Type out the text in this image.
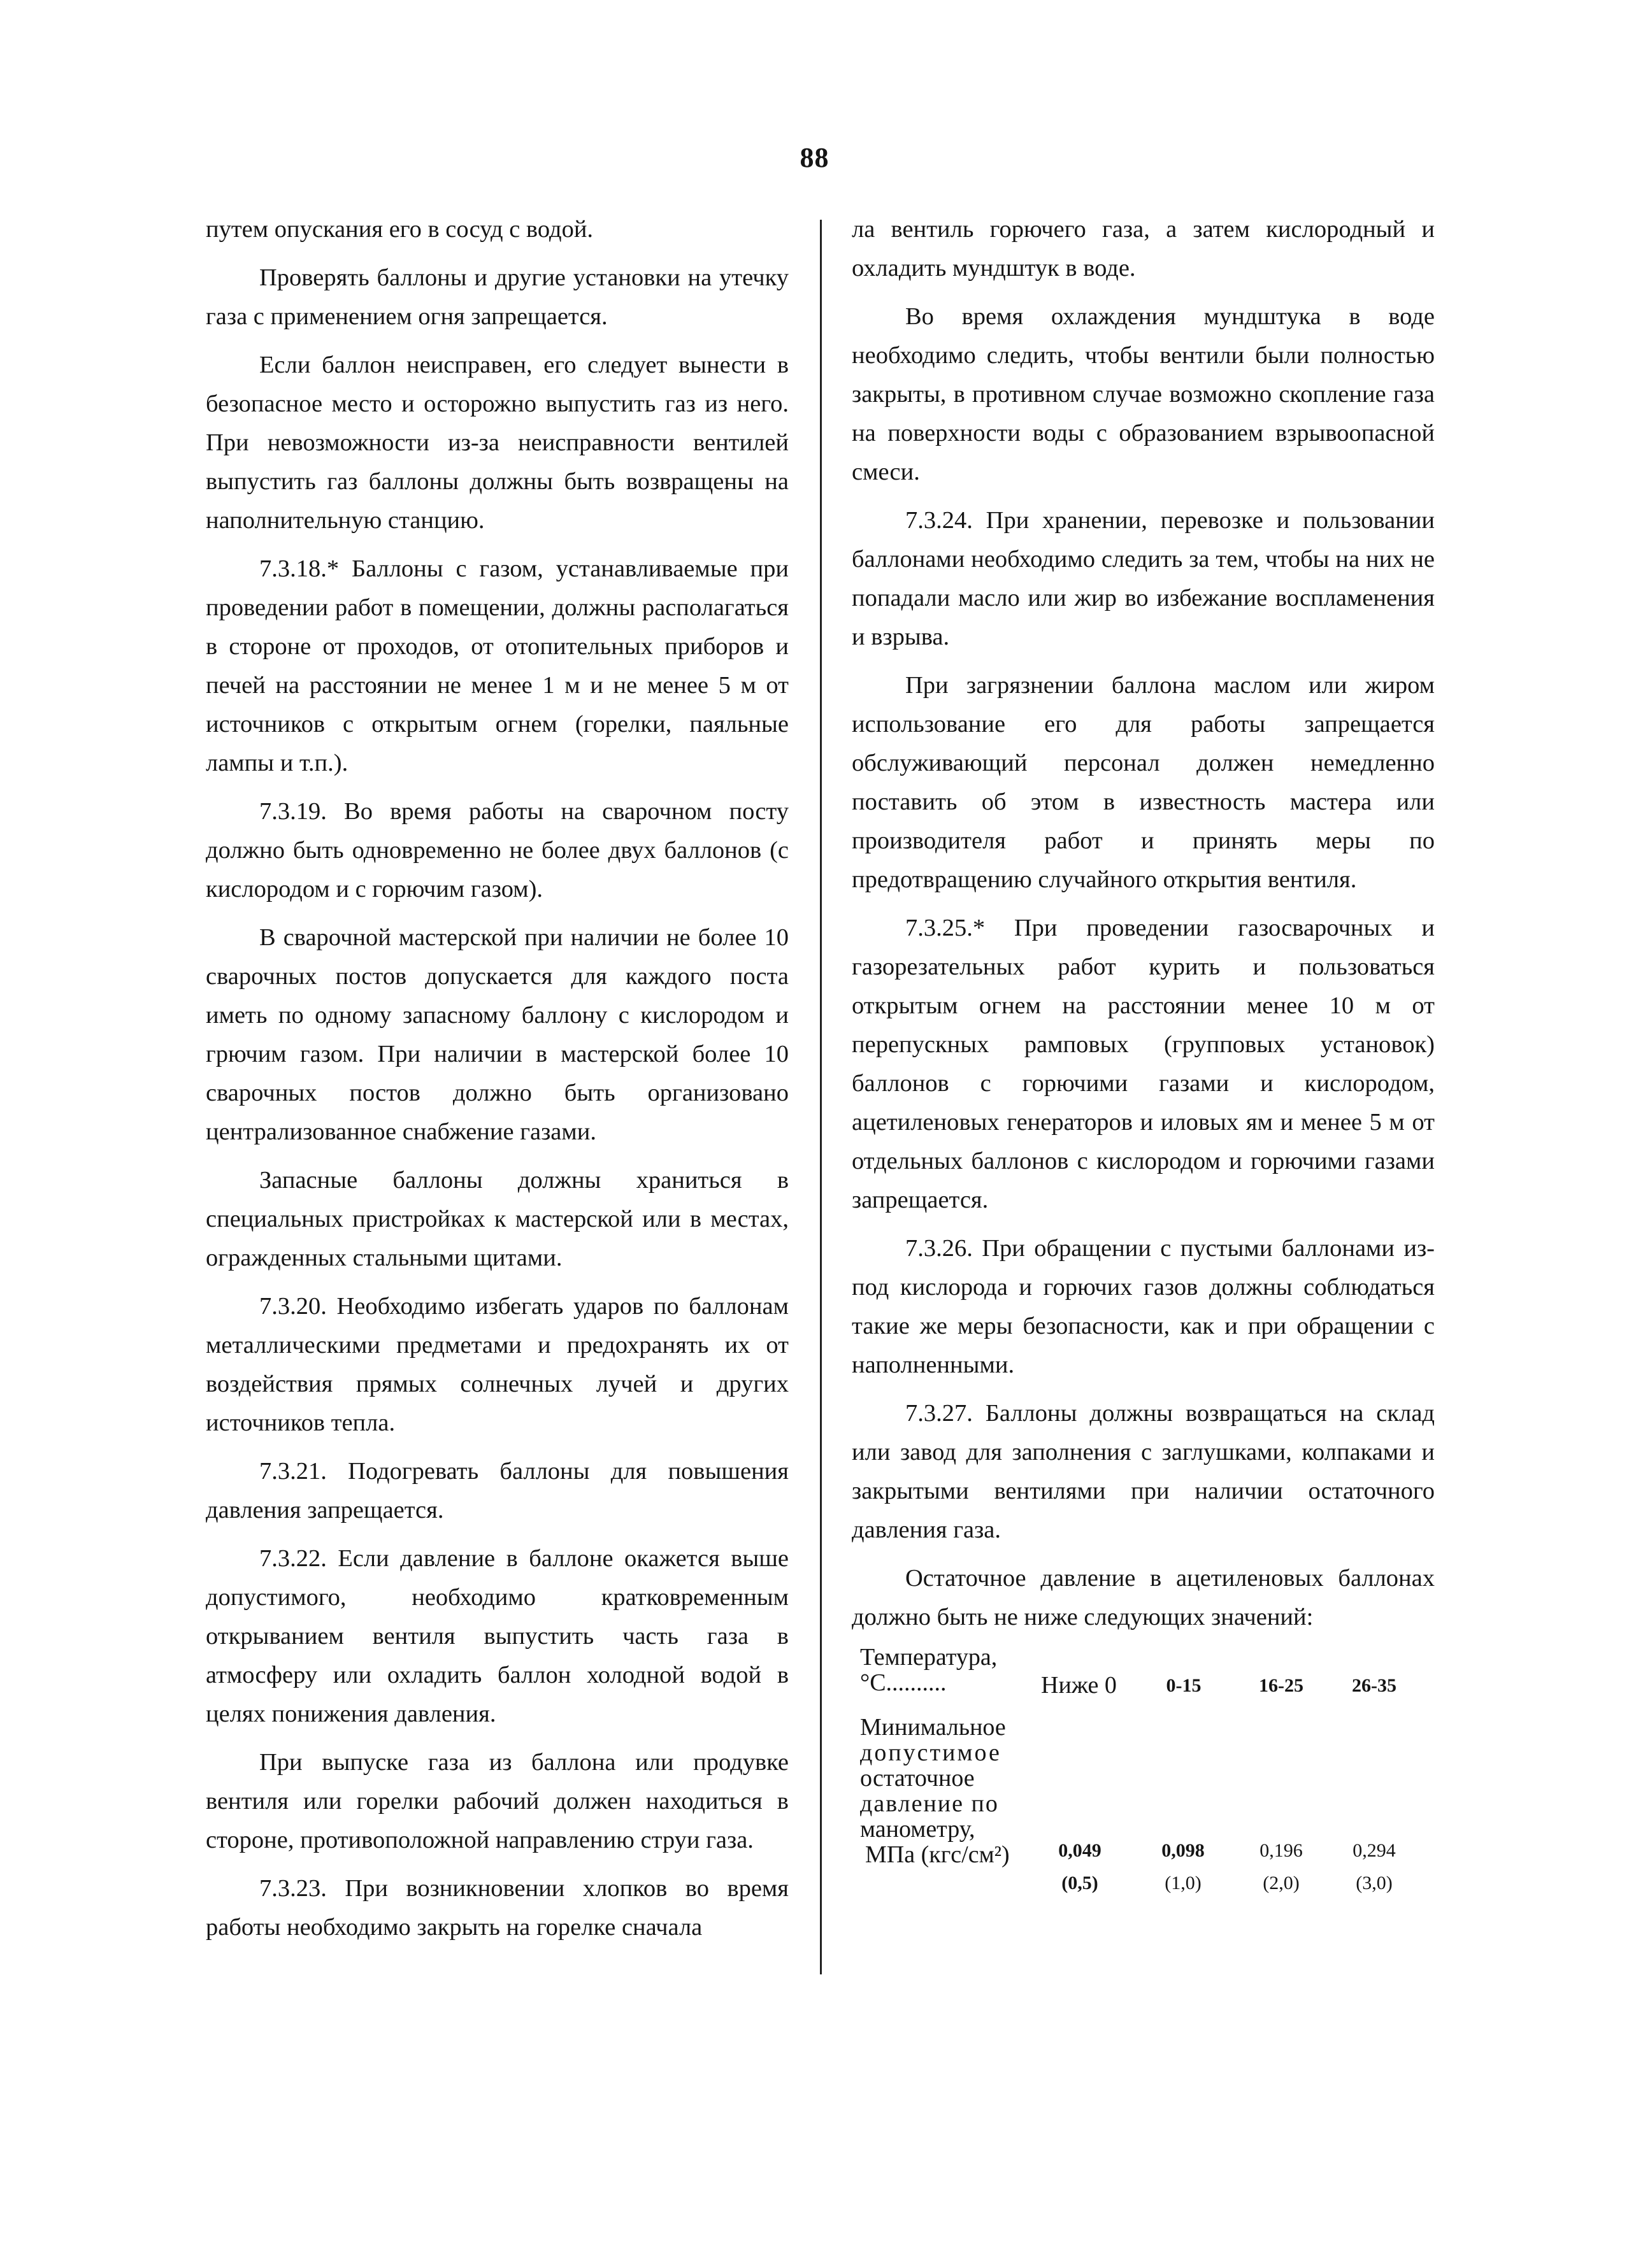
88

путем опускания его в сосуд с водой.

Проверять баллоны и другие установки на утечку газа с применением огня запрещается.

Если баллон неисправен, его следует вынести в безопасное место и осторожно выпустить газ из него. При невозможности из-за неисправности вентилей выпустить газ баллоны должны быть возвращены на наполнительную станцию.

7.3.18.* Баллоны с газом, устанавливаемые при проведении работ в помещении, должны располагаться в стороне от проходов, от отопительных приборов и печей на расстоянии не менее 1 м и не менее 5 м от источников с открытым огнем (горелки, паяльные лампы и т.п.).

7.3.19. Во время работы на сварочном посту должно быть одновременно не более двух баллонов (с кислородом и с горючим газом).

В сварочной мастерской при наличии не более 10 сварочных постов допускается для каждого поста иметь по одному запасному баллону с кислородом и грючим газом. При наличии в мастерской более 10 сварочных постов должно быть организовано централизованное снабжение газами.

Запасные баллоны должны храниться в специальных пристройках к мастерской или в местах, огражденных стальными щитами.

7.3.20. Необходимо избегать ударов по баллонам металлическими предметами и предохранять их от воздействия прямых солнечных лучей и других источников тепла.

7.3.21. Подогревать баллоны для повышения давления запрещается.

7.3.22. Если давление в баллоне окажется выше допустимого, необходимо кратковременным открыванием вентиля выпустить часть газа в атмосферу или охладить баллон холодной водой в целях понижения давления.

При выпуске газа из баллона или продувке вентиля или горелки рабочий должен находиться в стороне, противоположной направлению струи газа.

7.3.23. При возникновении хлопков во время работы необходимо закрыть на горелке сначала

ла вентиль горючего газа, а затем кислородный и охладить мундштук в воде.

Во время охлаждения мундштука в воде необходимо следить, чтобы вентили были полностью закрыты, в противном случае возможно скопление газа на поверхности воды с образованием взрывоопасной смеси.

7.3.24. При хранении, перевозке и пользовании баллонами необходимо следить за тем, чтобы на них не попадали масло или жир во избежание воспламенения и взрыва.

При загрязнении баллона маслом или жиром использование его для работы запрещается обслуживающий персонал должен немедленно поставить об этом в известность мастера или производителя работ и принять меры по предотвращению случайного открытия вентиля.

7.3.25.* При проведении газосварочных и газорезательных работ курить и пользоваться открытым огнем на расстоянии менее 10 м от перепускных рамповых (групповых установок) баллонов с горючими газами и кислородом, ацетиленовых генераторов и иловых ям и менее 5 м от отдельных баллонов с кислородом и горючими газами запрещается.

7.3.26. При обращении с пустыми баллонами из-под кислорода и горючих газов должны соблюдаться такие же меры безопасности, как и при обращении с наполненными.

7.3.27. Баллоны должны возвращаться на склад или завод для заполнения с заглушками, колпаками и закрытыми вентилями при наличии остаточного давления газа.

Остаточное давление в ацетиленовых баллонах должно быть не ниже следующих значений:

Температура,
°С..........	Ниже 0	0-15	16-25	26-35
Минимальное
допустимое
остаточное
давление по
манометру,
МПа (кгс/см²)	0,049	0,098	0,196	0,294
(0,5)	(1,0)	(2,0)	(3,0)
